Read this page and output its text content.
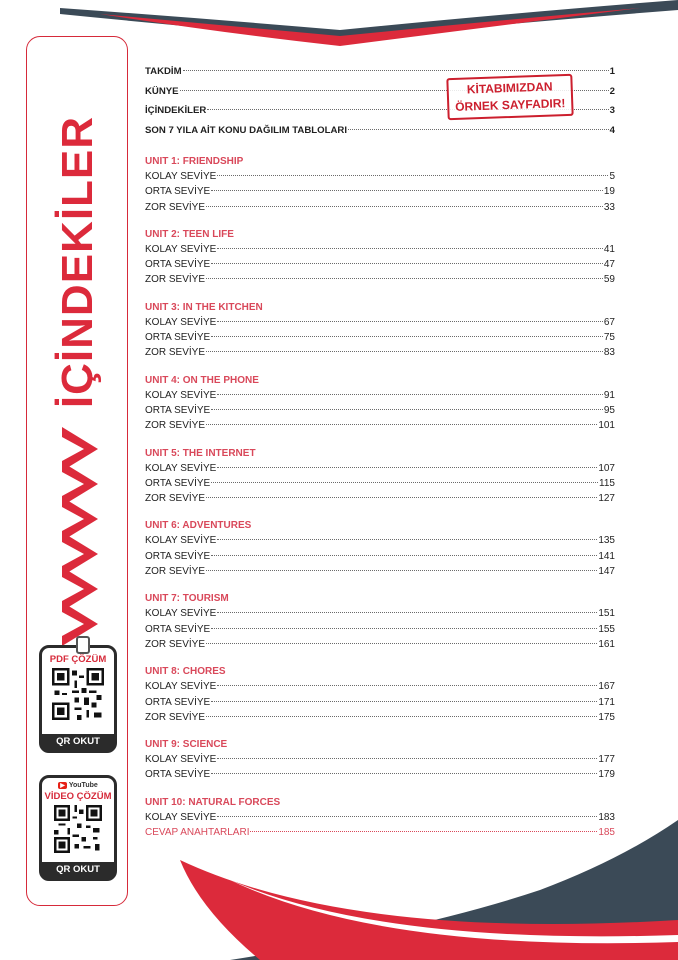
İÇİNDEKİLER
PDF ÇÖZÜM
QR OKUT
▶ YouTube
VİDEO ÇÖZÜM
QR OKUT
TAKDİM	1
KÜNYE	2
İÇİNDEKİLER	3
SON 7 YILA AİT KONU DAĞILIM TABLOLARI	4
UNIT 1: FRIENDSHIP
KOLAY SEVİYE	5
ORTA SEVİYE	19
ZOR SEVİYE	33
UNIT 2: TEEN LIFE
KOLAY SEVİYE	41
ORTA SEVİYE	47
ZOR SEVİYE	59
UNIT 3: IN THE KITCHEN
KOLAY SEVİYE	67
ORTA SEVİYE	75
ZOR SEVİYE	83
UNIT 4: ON THE PHONE
KOLAY SEVİYE	91
ORTA SEVİYE	95
ZOR SEVİYE	101
UNIT 5: THE INTERNET
KOLAY SEVİYE	107
ORTA SEVİYE	115
ZOR SEVİYE	127
UNIT 6: ADVENTURES
KOLAY SEVİYE	135
ORTA SEVİYE	141
ZOR SEVİYE	147
UNIT 7: TOURISM
KOLAY SEVİYE	151
ORTA SEVİYE	155
ZOR SEVİYE	161
UNIT 8: CHORES
KOLAY SEVİYE	167
ORTA SEVİYE	171
ZOR SEVİYE	175
UNIT 9: SCIENCE
KOLAY SEVİYE	177
ORTA SEVİYE	179
UNIT 10: NATURAL FORCES
KOLAY SEVİYE	183
CEVAP ANAHTARLARI	185
KİTABIMIZDAN
ÖRNEK SAYFADIR!
